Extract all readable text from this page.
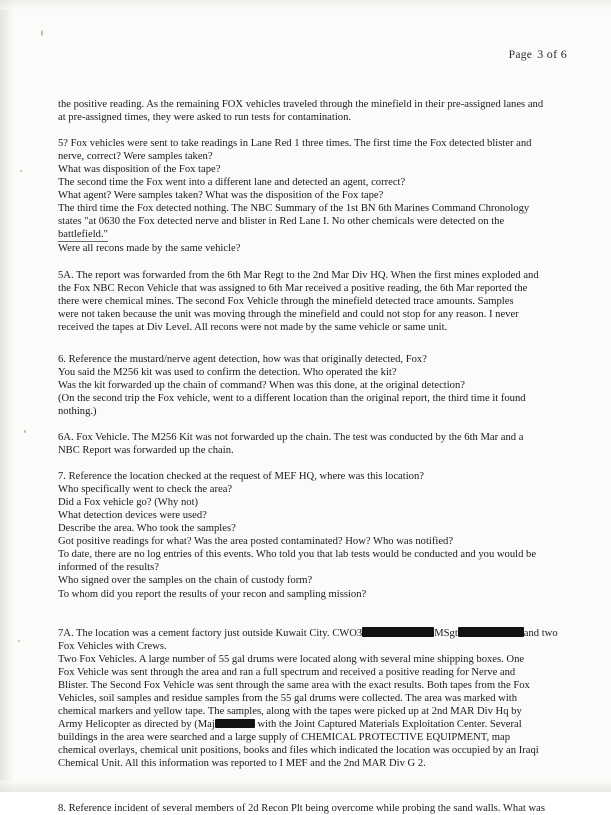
Page 3 of 6
the positive reading. As the remaining FOX vehicles traveled through the minefield in their pre-assigned lanes and
at pre-assigned times, they were asked to run tests for contamination.
5? Fox vehicles were sent to take readings in Lane Red 1 three times. The first time the Fox detected blister and
nerve, correct? Were samples taken?
What was disposition of the Fox tape?
The second time the Fox went into a different lane and detected an agent, correct?
What agent? Were samples taken? What was the disposition of the Fox tape?
The third time the Fox detected nothing. The NBC Summary of the 1st BN 6th Marines Command Chronology
states "at 0630 the Fox detected nerve and blister in Red Lane I. No other chemicals were detected on the
battlefield."
Were all recons made by the same vehicle?
5A. The report was forwarded from the 6th Mar Regt to the 2nd Mar Div HQ. When the first mines exploded and
the Fox NBC Recon Vehicle that was assigned to 6th Mar received a positive reading, the 6th Mar reported the
there were chemical mines. The second Fox Vehicle through the minefield detected trace amounts. Samples
were not taken because the unit was moving through the minefield and could not stop for any reason. I never
received the tapes at Div Level. All recons were not made by the same vehicle or same unit.
6. Reference the mustard/nerve agent detection, how was that originally detected, Fox?
You said the M256 kit was used to confirm the detection. Who operated the kit?
Was the kit forwarded up the chain of command? When was this done, at the original detection?
(On the second trip the Fox vehicle, went to a different location than the original report, the third time it found
nothing.)
6A. Fox Vehicle. The M256 Kit was not forwarded up the chain. The test was conducted by the 6th Mar and a
NBC Report was forwarded up the chain.
7. Reference the location checked at the request of MEF HQ, where was this location?
Who specifically went to check the area?
Did a Fox vehicle go? (Why not)
What detection devices were used?
Describe the area. Who took the samples?
Got positive readings for what? Was the area posted contaminated? How? Who was notified?
To date, there are no log entries of this events. Who told you that lab tests would be conducted and you would be
informed of the results?
Who signed over the samples on the chain of custody form?
To whom did you report the results of your recon and sampling mission?
7A. The location was a cement factory just outside Kuwait City. CWO3	MSgt	and two
Fox Vehicles with Crews.
Two Fox Vehicles. A large number of 55 gal drums were located along with several mine shipping boxes. One
Fox Vehicle was sent through the area and ran a full spectrum and received a positive reading for Nerve and
Blister. The Second Fox Vehicle was sent through the same area with the exact results. Both tapes from the Fox
Vehicles, soil samples and residue samples from the 55 gal drums were collected. The area was marked with
chemical markers and yellow tape. The samples, along with the tapes were picked up at 2nd MAR Div Hq by
Army Helicopter as directed by (Maj	with the Joint Captured Materials Exploitation Center. Several
buildings in the area were searched and a large supply of CHEMICAL PROTECTIVE EQUIPMENT, map
chemical overlays, chemical unit positions, books and files which indicated the location was occupied by an Iraqi
Chemical Unit. All this information was reported to I MEF and the 2nd MAR Div G 2.
8. Reference incident of several members of 2d Recon Plt being overcome while probing the sand walls. What was
